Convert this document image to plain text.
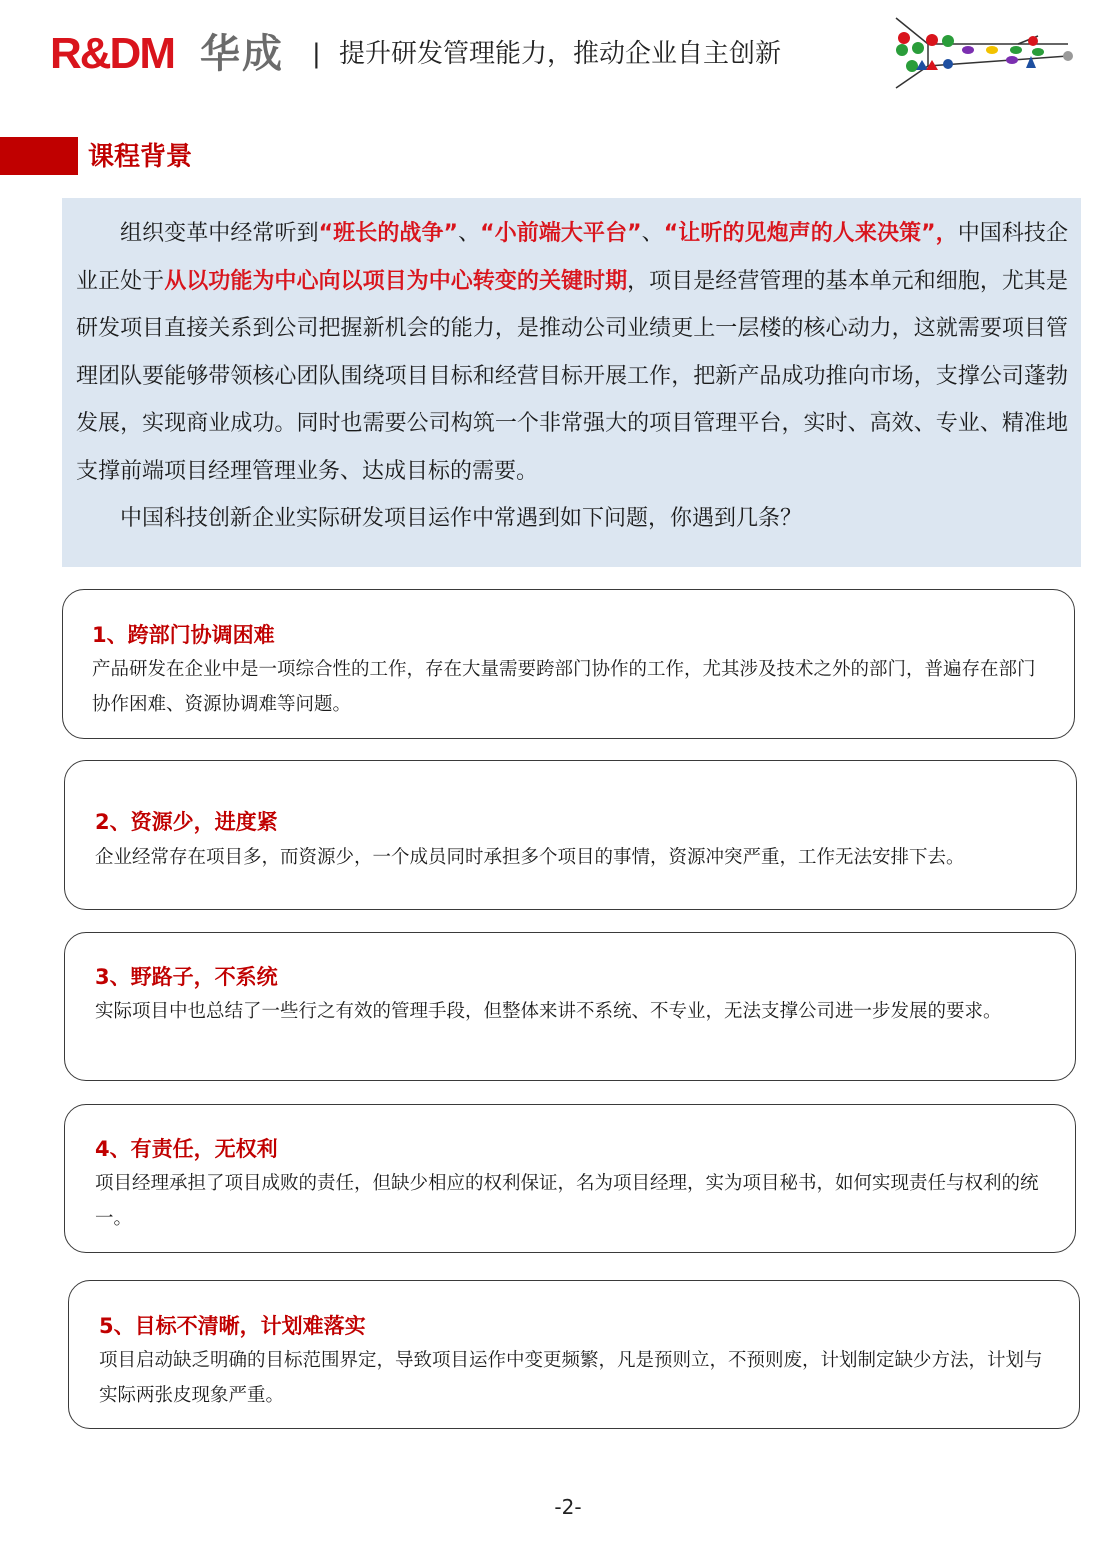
R&DM 华成 | 提升研发管理能力，推动企业自主创新
课程背景

组织变革中经常听到“班长的战争”、“小前端大平台”、“让听的见炮声的人来决策”，中国科技企业正处于从以功能为中心向以项目为中心转变的关键时期，项目是经营管理的基本单元和细胞，尤其是研发项目直接关系到公司把握新机会的能力，是推动公司业绩更上一层楼的核心动力，这就需要项目管理团队要能够带领核心团队围绕项目目标和经营目标开展工作，把新产品成功推向市场，支撑公司蓬勃发展，实现商业成功。同时也需要公司构筑一个非常强大的项目管理平台，实时、高效、专业、精准地支撑前端项目经理管理业务、达成目标的需要。

中国科技创新企业实际研发项目运作中常遇到如下问题，你遇到几条？

1、跨部门协调困难

产品研发在企业中是一项综合性的工作，存在大量需要跨部门协作的工作，尤其涉及技术之外的部门，普遍存在部门协作困难、资源协调难等问题。

2、资源少，进度紧

企业经常存在项目多，而资源少，一个成员同时承担多个项目的事情，资源冲突严重，工作无法安排下去。

3、野路子，不系统

实际项目中也总结了一些行之有效的管理手段，但整体来讲不系统、不专业，无法支撑公司进一步发展的要求。

4、有责任，无权利

项目经理承担了项目成败的责任，但缺少相应的权利保证，名为项目经理，实为项目秘书，如何实现责任与权利的统一。

5、目标不清晰，计划难落实

项目启动缺乏明确的目标范围界定，导致项目运作中变更频繁，凡是预则立，不预则废，计划制定缺少方法，计划与实际两张皮现象严重。

-2-
